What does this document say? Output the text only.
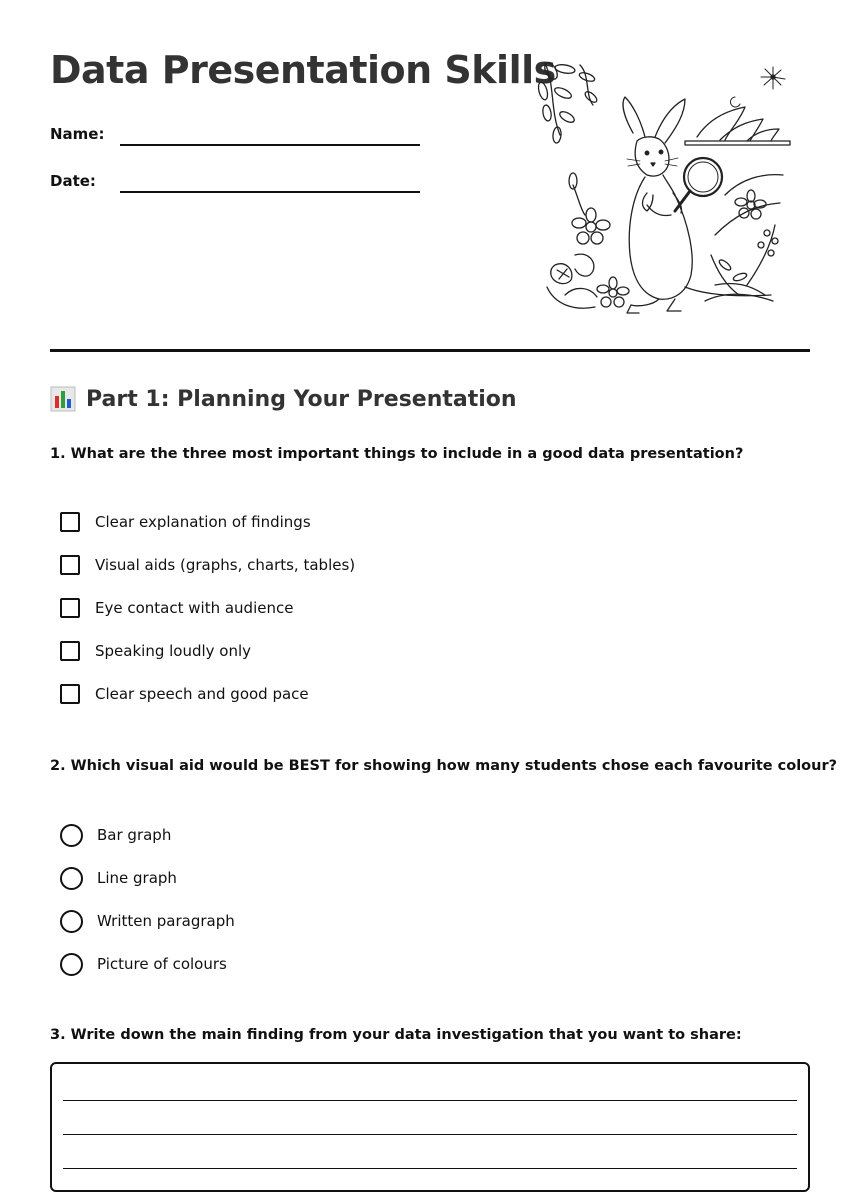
Data Presentation Skills
Name:
Date:
Part 1: Planning Your Presentation

1. What are the three most important things to include in a good data presentation?

Clear explanation of findings
Visual aids (graphs, charts, tables)
Eye contact with audience
Speaking loudly only
Clear speech and good pace

2. Which visual aid would be BEST for showing how many students chose each favourite colour?

Bar graph
Line graph
Written paragraph
Picture of colours

3. Write down the main finding from your data investigation that you want to share:
